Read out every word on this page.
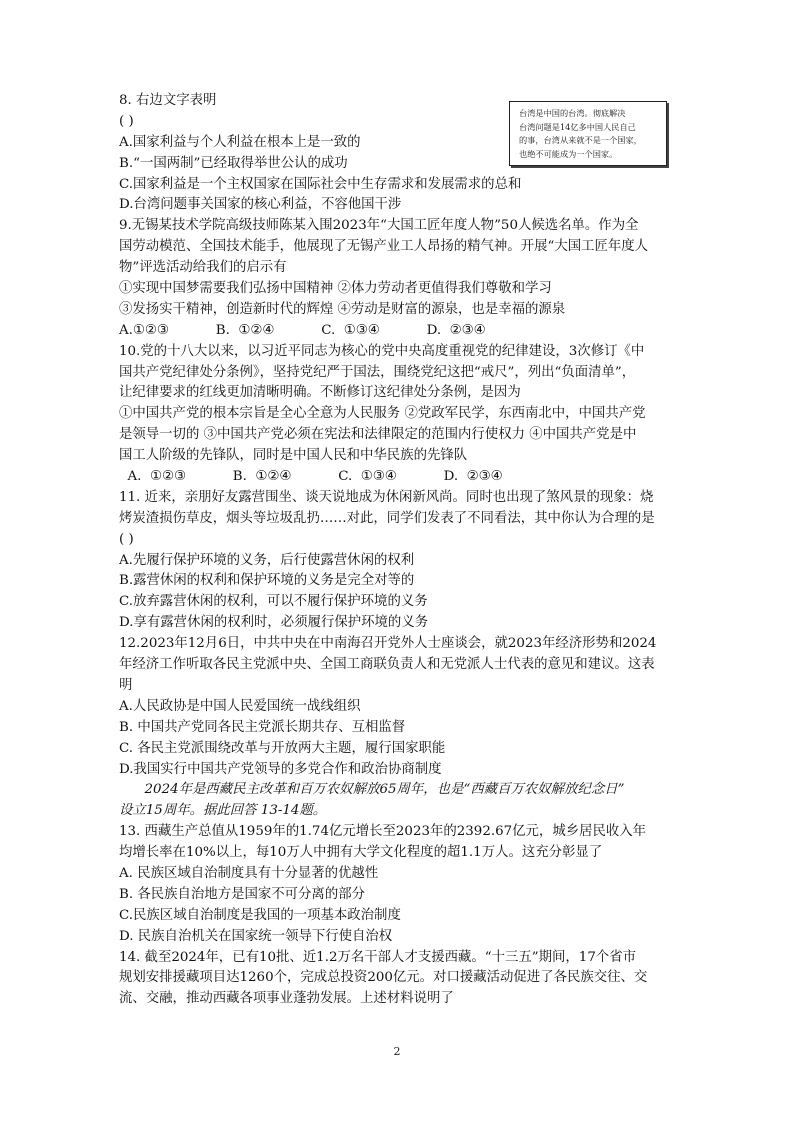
台湾是中国的台湾。彻底解决
台湾问题是14亿多中国人民自己
的事，台湾从来就不是一个国家，
也绝不可能成为一个国家。
8. 右边文字表明
( )
A.国家利益与个人利益在根本上是一致的
B.“一国两制”已经取得举世公认的成功
C.国家利益是一个主权国家在国际社会中生存需求和发展需求的总和
D.台湾问题事关国家的核心利益，不容他国干涉
9.无锡某技术学院高级技师陈某入围2023年“大国工匠年度人物”50人候选名单。作为全
国劳动模范、全国技术能手，他展现了无锡产业工人昂扬的精气神。开展“大国工匠年度人
物”评选活动给我们的启示有
①实现中国梦需要我们弘扬中国精神 ②体力劳动者更值得我们尊敬和学习
③发扬实干精神，创造新时代的辉煌 ④劳动是财富的源泉，也是幸福的源泉
A.①②③           B.  ①②④           C.  ①③④           D.  ②③④
10.党的十八大以来，以习近平同志为核心的党中央高度重视党的纪律建设，3次修订《中
国共产党纪律处分条例》，坚持党纪严于国法，围绕党纪这把“戒尺”，列出“负面清单”，
让纪律要求的红线更加清晰明确。不断修订这纪律处分条例，是因为
①中国共产党的根本宗旨是全心全意为人民服务 ②党政军民学，东西南北中，中国共产党
是领导一切的 ③中国共产党必须在宪法和法律限定的范围内行使权力 ④中国共产党是中
国工人阶级的先锋队，同时是中国人民和中华民族的先锋队
A.  ①②③           B.  ①②④           C.  ①③④           D.  ②③④
11. 近来，亲朋好友露营围坐、谈天说地成为休闲新风尚。同时也出现了煞风景的现象：烧
烤炭渣损伤草皮，烟头等垃圾乱扔……对此，同学们发表了不同看法，其中你认为合理的是
( )
A.先履行保护环境的义务，后行使露营休闲的权利
B.露营休闲的权利和保护环境的义务是完全对等的
C.放弃露营休闲的权利，可以不履行保护环境的义务
D.享有露营休闲的权利时，必须履行保护环境的义务
12.2023年12月6日，中共中央在中南海召开党外人士座谈会，就2023年经济形势和2024
年经济工作听取各民主党派中央、全国工商联负责人和无党派人士代表的意见和建议。这表
明
A.人民政协是中国人民爱国统一战线组织
B. 中国共产党同各民主党派长期共存、互相监督
C. 各民主党派围绕改革与开放两大主题，履行国家职能
D.我国实行中国共产党领导的多党合作和政治协商制度
2024年是西藏民主改革和百万农奴解放65周年，也是“西藏百万农奴解放纪念日”
设立15周年。据此回答 13-14题。
13. 西藏生产总值从1959年的1.74亿元增长至2023年的2392.67亿元，城乡居民收入年
均增长率在10%以上，每10万人中拥有大学文化程度的超1.1万人。这充分彰显了
A. 民族区域自治制度具有十分显著的优越性
B. 各民族自治地方是国家不可分离的部分
C.民族区域自治制度是我国的一项基本政治制度
D. 民族自治机关在国家统一领导下行使自治权
14. 截至2024年，已有10批、近1.2万名干部人才支援西藏。“十三五”期间，17个省市
规划安排援藏项目达1260个，完成总投资200亿元。对口援藏活动促进了各民族交往、交
流、交融，推动西藏各项事业蓬勃发展。上述材料说明了
2
